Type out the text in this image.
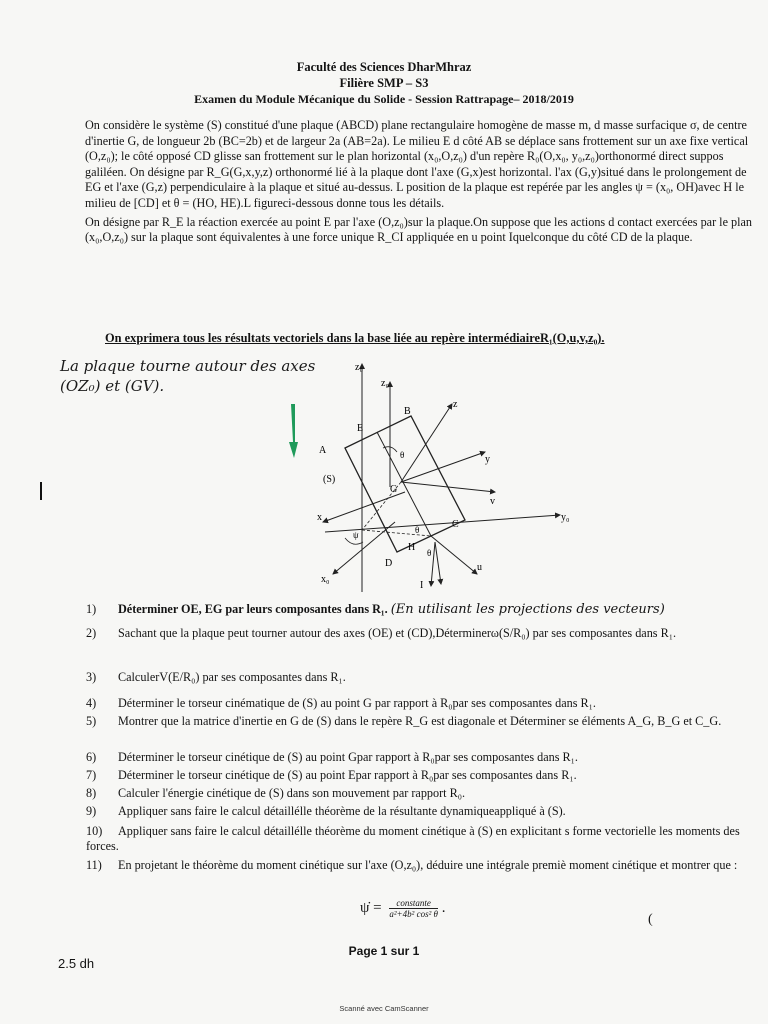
Faculté des Sciences DharMhraz
Filière SMP – S3
Examen du Module Mécanique du Solide - Session Rattrapage– 2018/2019

On considère le système (S) constitué d'une plaque (ABCD) plane rectangulaire homogène de masse m, d masse surfacique σ, de centre d'inertie G, de longueur 2b (BC=2b) et de largeur 2a (AB=2a). Le milieu E d côté AB se déplace sans frottement sur un axe fixe vertical (O,z₀); le côté opposé CD glisse san frottement sur le plan horizontal (x₀,O,z₀) d'un repère R₀(O,x₀, y₀,z₀)orthonormé direct suppos galiléen. On désigne par R_G(G,x,y,z) orthonormé lié à la plaque dont l'axe (G,x)est horizontal. l'ax (G,y)situé dans le prolongement de EG et l'axe (G,z) perpendiculaire à la plaque et situé au-dessus. L position de la plaque est repérée par les angles ψ = (x₀, OH)avec H le milieu de [CD] et θ = (HO, HE).L figureci-dessous donne tous les détails.

On désigne par R_E la réaction exercée au point E par l'axe (O,z₀)sur la plaque.On suppose que les actions d contact exercées par le plan (x₀,O,z₀) sur la plaque sont équivalentes à une force unique R_CI appliquée en u point Iquelconque du côté CD de la plaque.

On exprimera tous les résultats vectoriels dans la base liée au repère intermédiaireR₁(O,u,v,z₀).
La plaque tourne autour des axes (OZ₀) et (GV).
z₀
z₀
B
z
E
A	θ	y
(S)
G
v
x	y₀
C
ψ	θ
H θ
x₀
D
I
u
1) Déterminer OE, EG par leurs composantes dans R₁. (En utilisant les projections des vecteurs)
2) Sachant que la plaque peut tourner autour des axes (OE) et (CD),Déterminerω(S/R₀) par ses composantes dans R₁.
3) CalculerV(E/R₀) par ses composantes dans R₁.
4) Déterminer le torseur cinématique de (S) au point G par rapport à R₀par ses composantes dans R₁.
5) Montrer que la matrice d'inertie en G de (S) dans le repère R_G est diagonale et Déterminer se éléments A_G, B_G et C_G.
6) Déterminer le torseur cinétique de (S) au point Gpar rapport à R₀par ses composantes dans R₁.
7) Déterminer le torseur cinétique de (S) au point Epar rapport à R₀par ses composantes dans R₁.
8) Calculer l'énergie cinétique de (S) dans son mouvement par rapport R₀.
9) Appliquer sans faire le calcul détaillélle théorème de la résultante dynamiqueappliqué à (S).
10) Appliquer sans faire le calcul détaillélle théorème du moment cinétique à (S) en explicitant s forme vectorielle les moments des forces.
11) En projetant le théorème du moment cinétique sur l'axe (O,z₀), déduire une intégrale premiè moment cinétique et montrer que :
ψ̇ = $\frac{\text{constante}}{\text{a²+4b² cos² θ}}$ .
(
Page 1 sur 1
2.5 dh
Scanné avec CamScanner
